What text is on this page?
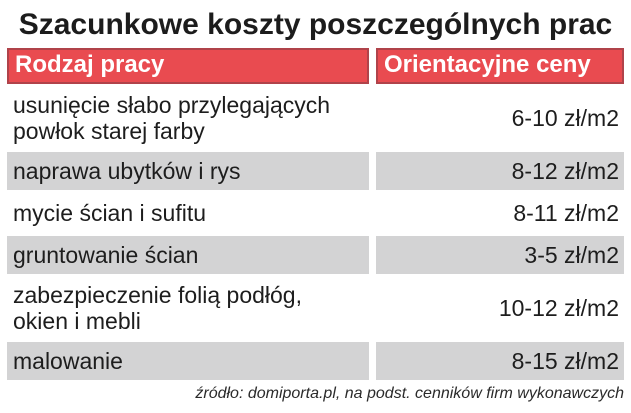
Szacunkowe koszty poszczególnych prac
Rodzaj pracy	Orientacyjne ceny
usunięcie słabo przylegających powłok starej farby	6-10 zł/m2
naprawa ubytków i rys	8-12 zł/m2
mycie ścian i sufitu	8-11 zł/m2
gruntowanie ścian	3-5 zł/m2
zabezpieczenie folią podłóg, okien i mebli	10-12 zł/m2
malowanie	8-15 zł/m2

źródło: domiporta.pl, na podst. cenników firm wykonawczych
